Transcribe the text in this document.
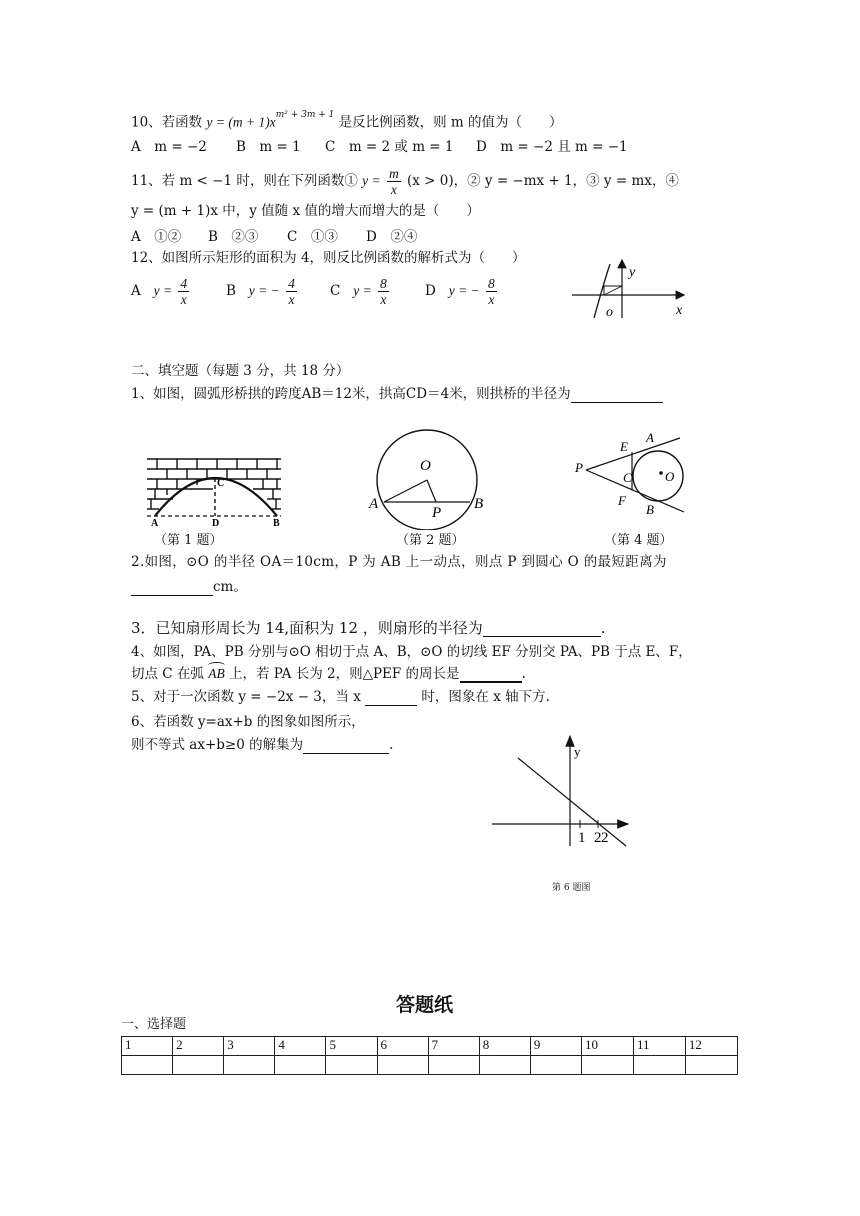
10、若函数 $y = (m + 1)x^{m^2 + 3m + 1}$ 是反比例函数，则 m 的值为（　　）
A　m = −2 B　m = 1 C　m = 2 或 m = 1 D　m = −2 且 m = −1
11、若 m < −1 时，则在下列函数① $y = \frac{m}{x} (x > 0)$，② y = −mx + 1，③ y = mx，④
y = (m + 1)x 中，y 值随 x 值的增大而增大的是（　　）
A　①② B　②③ C　①③ D　②④
12、如图所示矩形的面积为 4，则反比例函数的解析式为（　　）
A $y = \frac{4}{x}$	B y = − $\frac{4}{x}$ C $y = \frac{8}{x}$	D y = − $\frac{8}{x}$
y
o	x
二、填空题（每题 3 分，共 18 分）
1、如图，圆弧形桥拱的跨度AB＝12米，拱高CD＝4米，则拱桥的半径为
A
C
D	B
O
A
P
B
P
E
A
C	O
F
B
（第 1 题）	（第 2 题）	（第 4 题）
2.如图，⊙O 的半径 OA＝10cm，P 为 AB 上一动点，则点 P 到圆心 O 的最短距离为
cm。
3．已知扇形周长为 14,面积为 12 ，则扇形的半径为	.
4、如图，PA、PB 分别与⊙O 相切于点 A、B，⊙O 的切线 EF 分别交 PA、PB 于点 E、F，
切点 C 在弧 AB 上，若 PA 长为 2，则△PEF 的周长是	.
5、对于一次函数 y = −2x − 3，当 x	时，图象在 x 轴下方.
6、若函数 y=ax+b 的图象如图所示，
则不等式 ax+b≥0 的解集为	.	y
1 2 2
第 6 题图
答题纸
一、选择题
1	2	3	4	5	6	7	8	9	10	11	12
